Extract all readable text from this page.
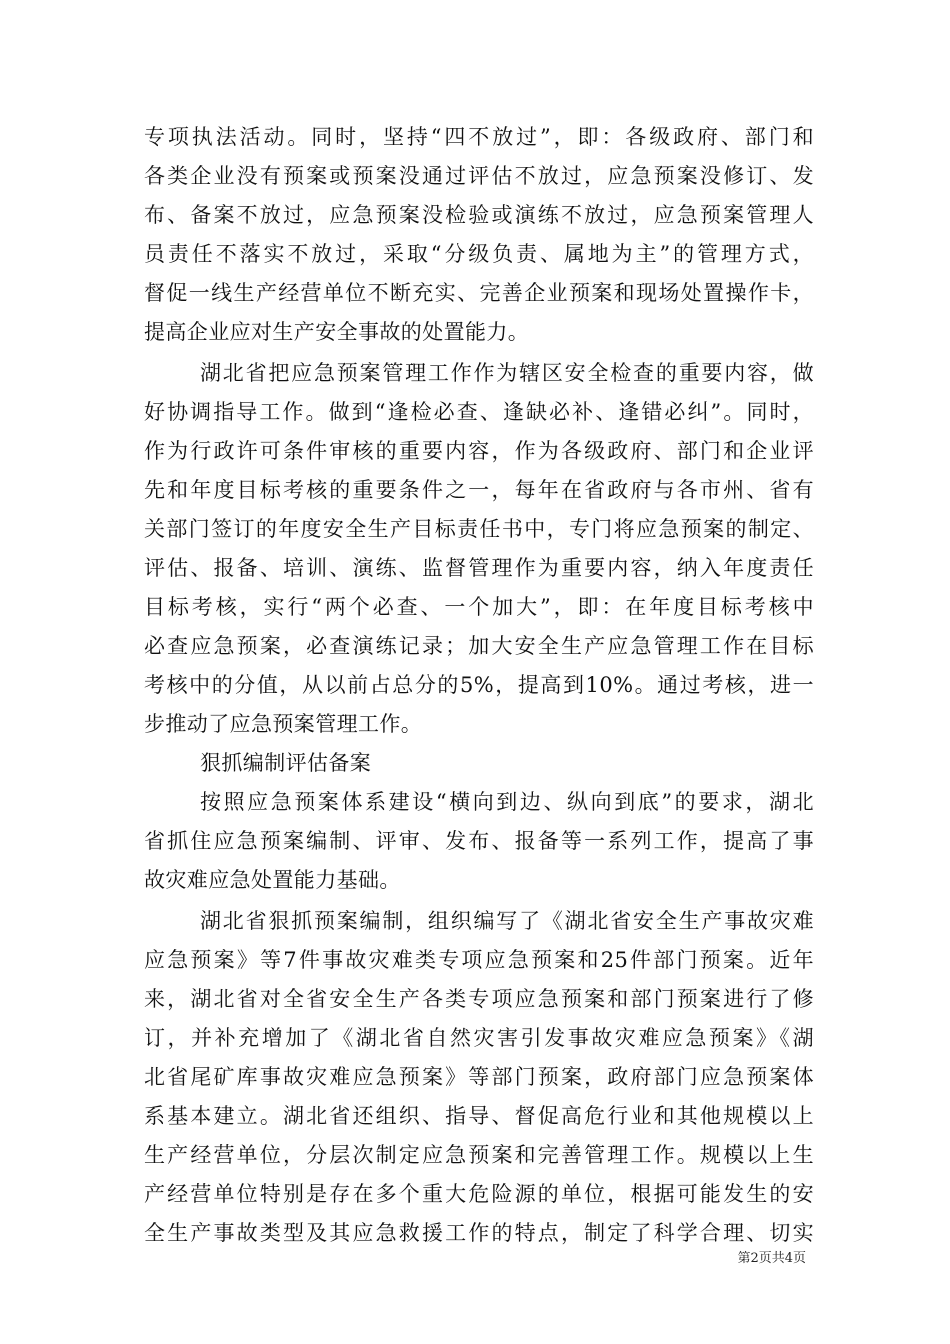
专项执法活动。同时，坚持“四不放过”，即：各级政府、部门和
各类企业没有预案或预案没通过评估不放过，应急预案没修订、发
布、备案不放过，应急预案没检验或演练不放过，应急预案管理人
员责任不落实不放过，采取“分级负责、属地为主”的管理方式，
督促一线生产经营单位不断充实、完善企业预案和现场处置操作卡，
提高企业应对生产安全事故的处置能力。
湖北省把应急预案管理工作作为辖区安全检查的重要内容，做
好协调指导工作。做到“逢检必查、逢缺必补、逢错必纠”。同时，
作为行政许可条件审核的重要内容，作为各级政府、部门和企业评
先和年度目标考核的重要条件之一，每年在省政府与各市州、省有
关部门签订的年度安全生产目标责任书中，专门将应急预案的制定、
评估、报备、培训、演练、监督管理作为重要内容，纳入年度责任
目标考核，实行“两个必查、一个加大”，即：在年度目标考核中
必查应急预案，必查演练记录；加大安全生产应急管理工作在目标
考核中的分值，从以前占总分的5%，提高到10%。通过考核，进一
步推动了应急预案管理工作。
狠抓编制评估备案
按照应急预案体系建设“横向到边、纵向到底”的要求，湖北
省抓住应急预案编制、评审、发布、报备等一系列工作，提高了事
故灾难应急处置能力基础。
湖北省狠抓预案编制，组织编写了《湖北省安全生产事故灾难
应急预案》等7件事故灾难类专项应急预案和25件部门预案。近年
来，湖北省对全省安全生产各类专项应急预案和部门预案进行了修
订，并补充增加了《湖北省自然灾害引发事故灾难应急预案》《湖
北省尾矿库事故灾难应急预案》等部门预案，政府部门应急预案体
系基本建立。湖北省还组织、指导、督促高危行业和其他规模以上
生产经营单位，分层次制定应急预案和完善管理工作。规模以上生
产经营单位特别是存在多个重大危险源的单位，根据可能发生的安
全生产事故类型及其应急救援工作的特点，制定了科学合理、切实
第2页共4页
